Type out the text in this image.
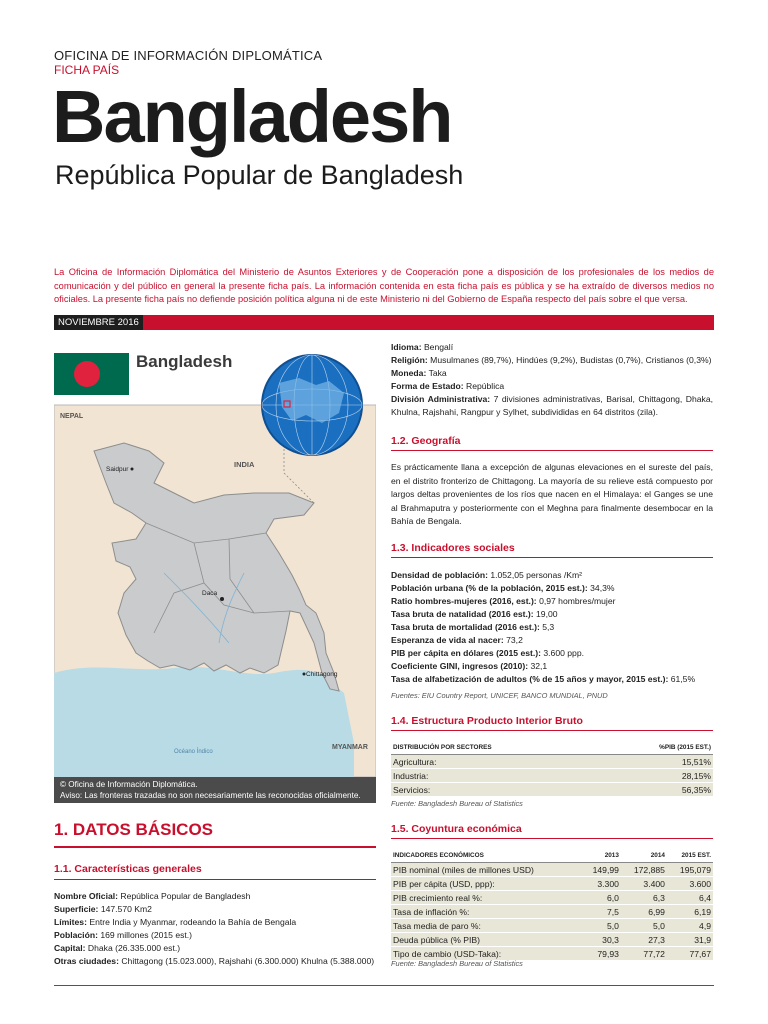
OFICINA DE INFORMACIÓN DIPLOMÁTICA
FICHA PAÍS
Bangladesh
República Popular de Bangladesh
La Oficina de Información Diplomática del Ministerio de Asuntos Exteriores y de Cooperación pone a disposición de los profesionales de los medios de comunicación y del público en general la presente ficha país. La información contenida en esta ficha país es pública y se ha extraído de diversos medios no oficiales. La presente ficha país no defiende posición política alguna ni de este Ministerio ni del Gobierno de España respecto del país sobre el que versa.
NOVIEMBRE 2016
Bangladesh
NEPAL
INDIA
Saidpur
Daca
Chittagong
MYANMAR
Océano Índico
© Oficina de Información Diplomática.
Aviso: Las fronteras trazadas no son necesariamente las reconocidas oficialmente.
1. DATOS BÁSICOS
1.1. Características generales
Nombre Oficial: República Popular de Bangladesh
Superficie: 147.570 Km2
Límites: Entre India y Myanmar, rodeando la Bahía de Bengala
Población: 169 millones (2015 est.)
Capital: Dhaka (26.335.000 est.)
Otras ciudades: Chittagong (15.023.000), Rajshahi (6.300.000) Khulna (5.388.000)
Idioma: Bengalí
Religión: Musulmanes (89,7%), Hindúes (9,2%), Budistas (0,7%), Cristianos (0,3%)
Moneda: Taka
Forma de Estado: República
División Administrativa: 7 divisiones administrativas, Barisal, Chittagong, Dhaka, Khulna, Rajshahi, Rangpur y Sylhet, subdivididas en 64 distritos (zila).
1.2. Geografía
Es prácticamente llana a excepción de algunas elevaciones en el sureste del país, en el distrito fronterizo de Chittagong. La mayoría de su relieve está compuesto por largos deltas provenientes de los ríos que nacen en el Himalaya: el Ganges se une al Brahmaputra y posteriormente con el Meghna para finalmente desembocar en la Bahía de Bengala.
1.3. Indicadores sociales
Densidad de población: 1.052,05 personas /Km²
Población urbana (% de la población, 2015 est.): 34,3%
Ratio hombres-mujeres (2016, est.): 0,97 hombres/mujer
Tasa bruta de natalidad (2016 est.): 19,00
Tasa bruta de mortalidad (2016 est.): 5,3
Esperanza de vida al nacer: 73,2
PIB per cápita en dólares (2015 est.): 3.600 ppp.
Coeficiente GINI, ingresos (2010): 32,1
Tasa de alfabetización de adultos (% de 15 años y mayor, 2015 est.): 61,5%
Fuentes: EIU Country Report, UNICEF, BANCO MUNDIAL, PNUD
1.4. Estructura Producto Interior Bruto
DISTRIBUCIÓN POR SECTORES	%PIB (2015 EST.)
Agricultura:	15,51%
Industria:	28,15%
Servicios:	56,35%
Fuente: Bangladesh Bureau of Statistics
1.5. Coyuntura económica
INDICADORES ECONÓMICOS	2013	2014	2015 EST.
PIB nominal (miles de millones USD)	149,99	172,885	195,079
PIB per cápita (USD, ppp):	3.300	3.400	3.600
PIB crecimiento real %:	6,0	6,3	6,4
Tasa de inflación %:	7,5	6,99	6,19
Tasa media de paro %:	5,0	5,0	4,9
Deuda pública (% PIB)	30,3	27,3	31,9
Tipo de cambio (USD-Taka):	79,93	77,72	77,67
Fuente: Bangladesh Bureau of Statistics
